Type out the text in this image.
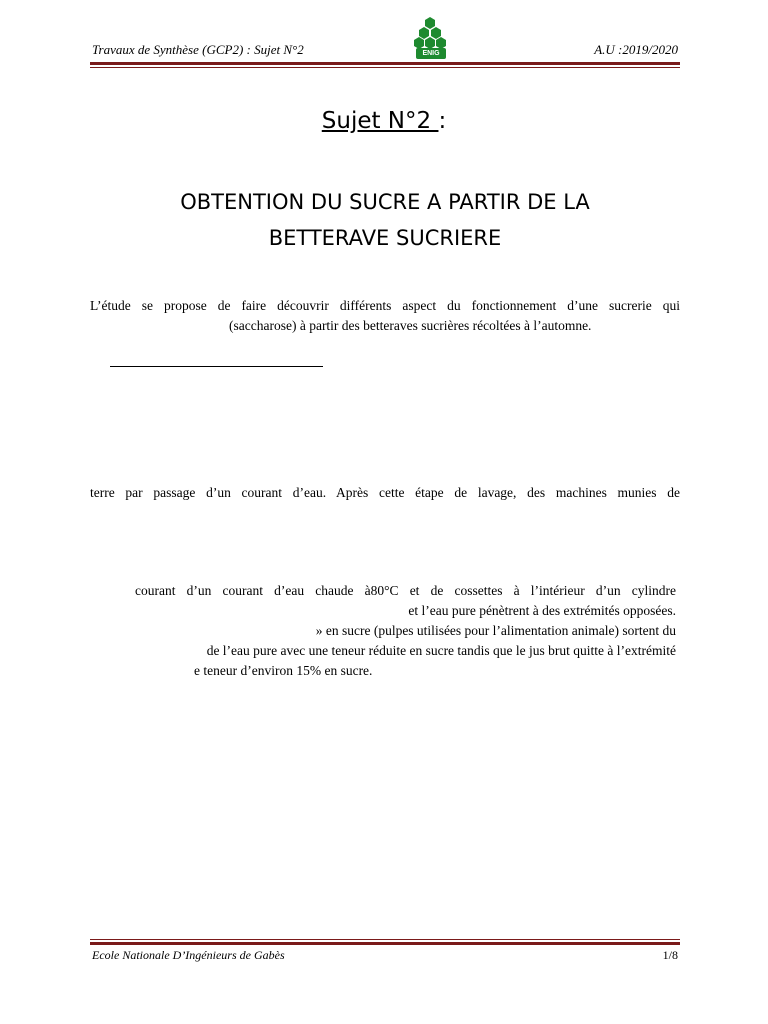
Travaux de Synthèse (GCP2) : Sujet N°2	ENIG	A.U :2019/2020
Sujet N°2 :
OBTENTION DU SUCRE A PARTIR DE LA
BETTERAVE SUCRIERE
L’étude se propose de faire découvrir différents aspect du fonctionnement d’une sucrerie qui
(saccharose) à partir des betteraves sucrières récoltées à l’automne.
terre par passage d’un courant d’eau. Après cette étape de lavage, des machines munies de
courant d’un courant d’eau chaude à80°C et de cossettes à l’intérieur d’un cylindre
et l’eau pure pénètrent à des extrémités opposées.
» en sucre (pulpes utilisées pour l’alimentation animale) sortent du
de l’eau pure avec une teneur réduite en sucre tandis que le jus brut quitte à l’extrémité
e teneur d’environ 15% en sucre.
Ecole Nationale D’Ingénieurs de Gabès	1/8
